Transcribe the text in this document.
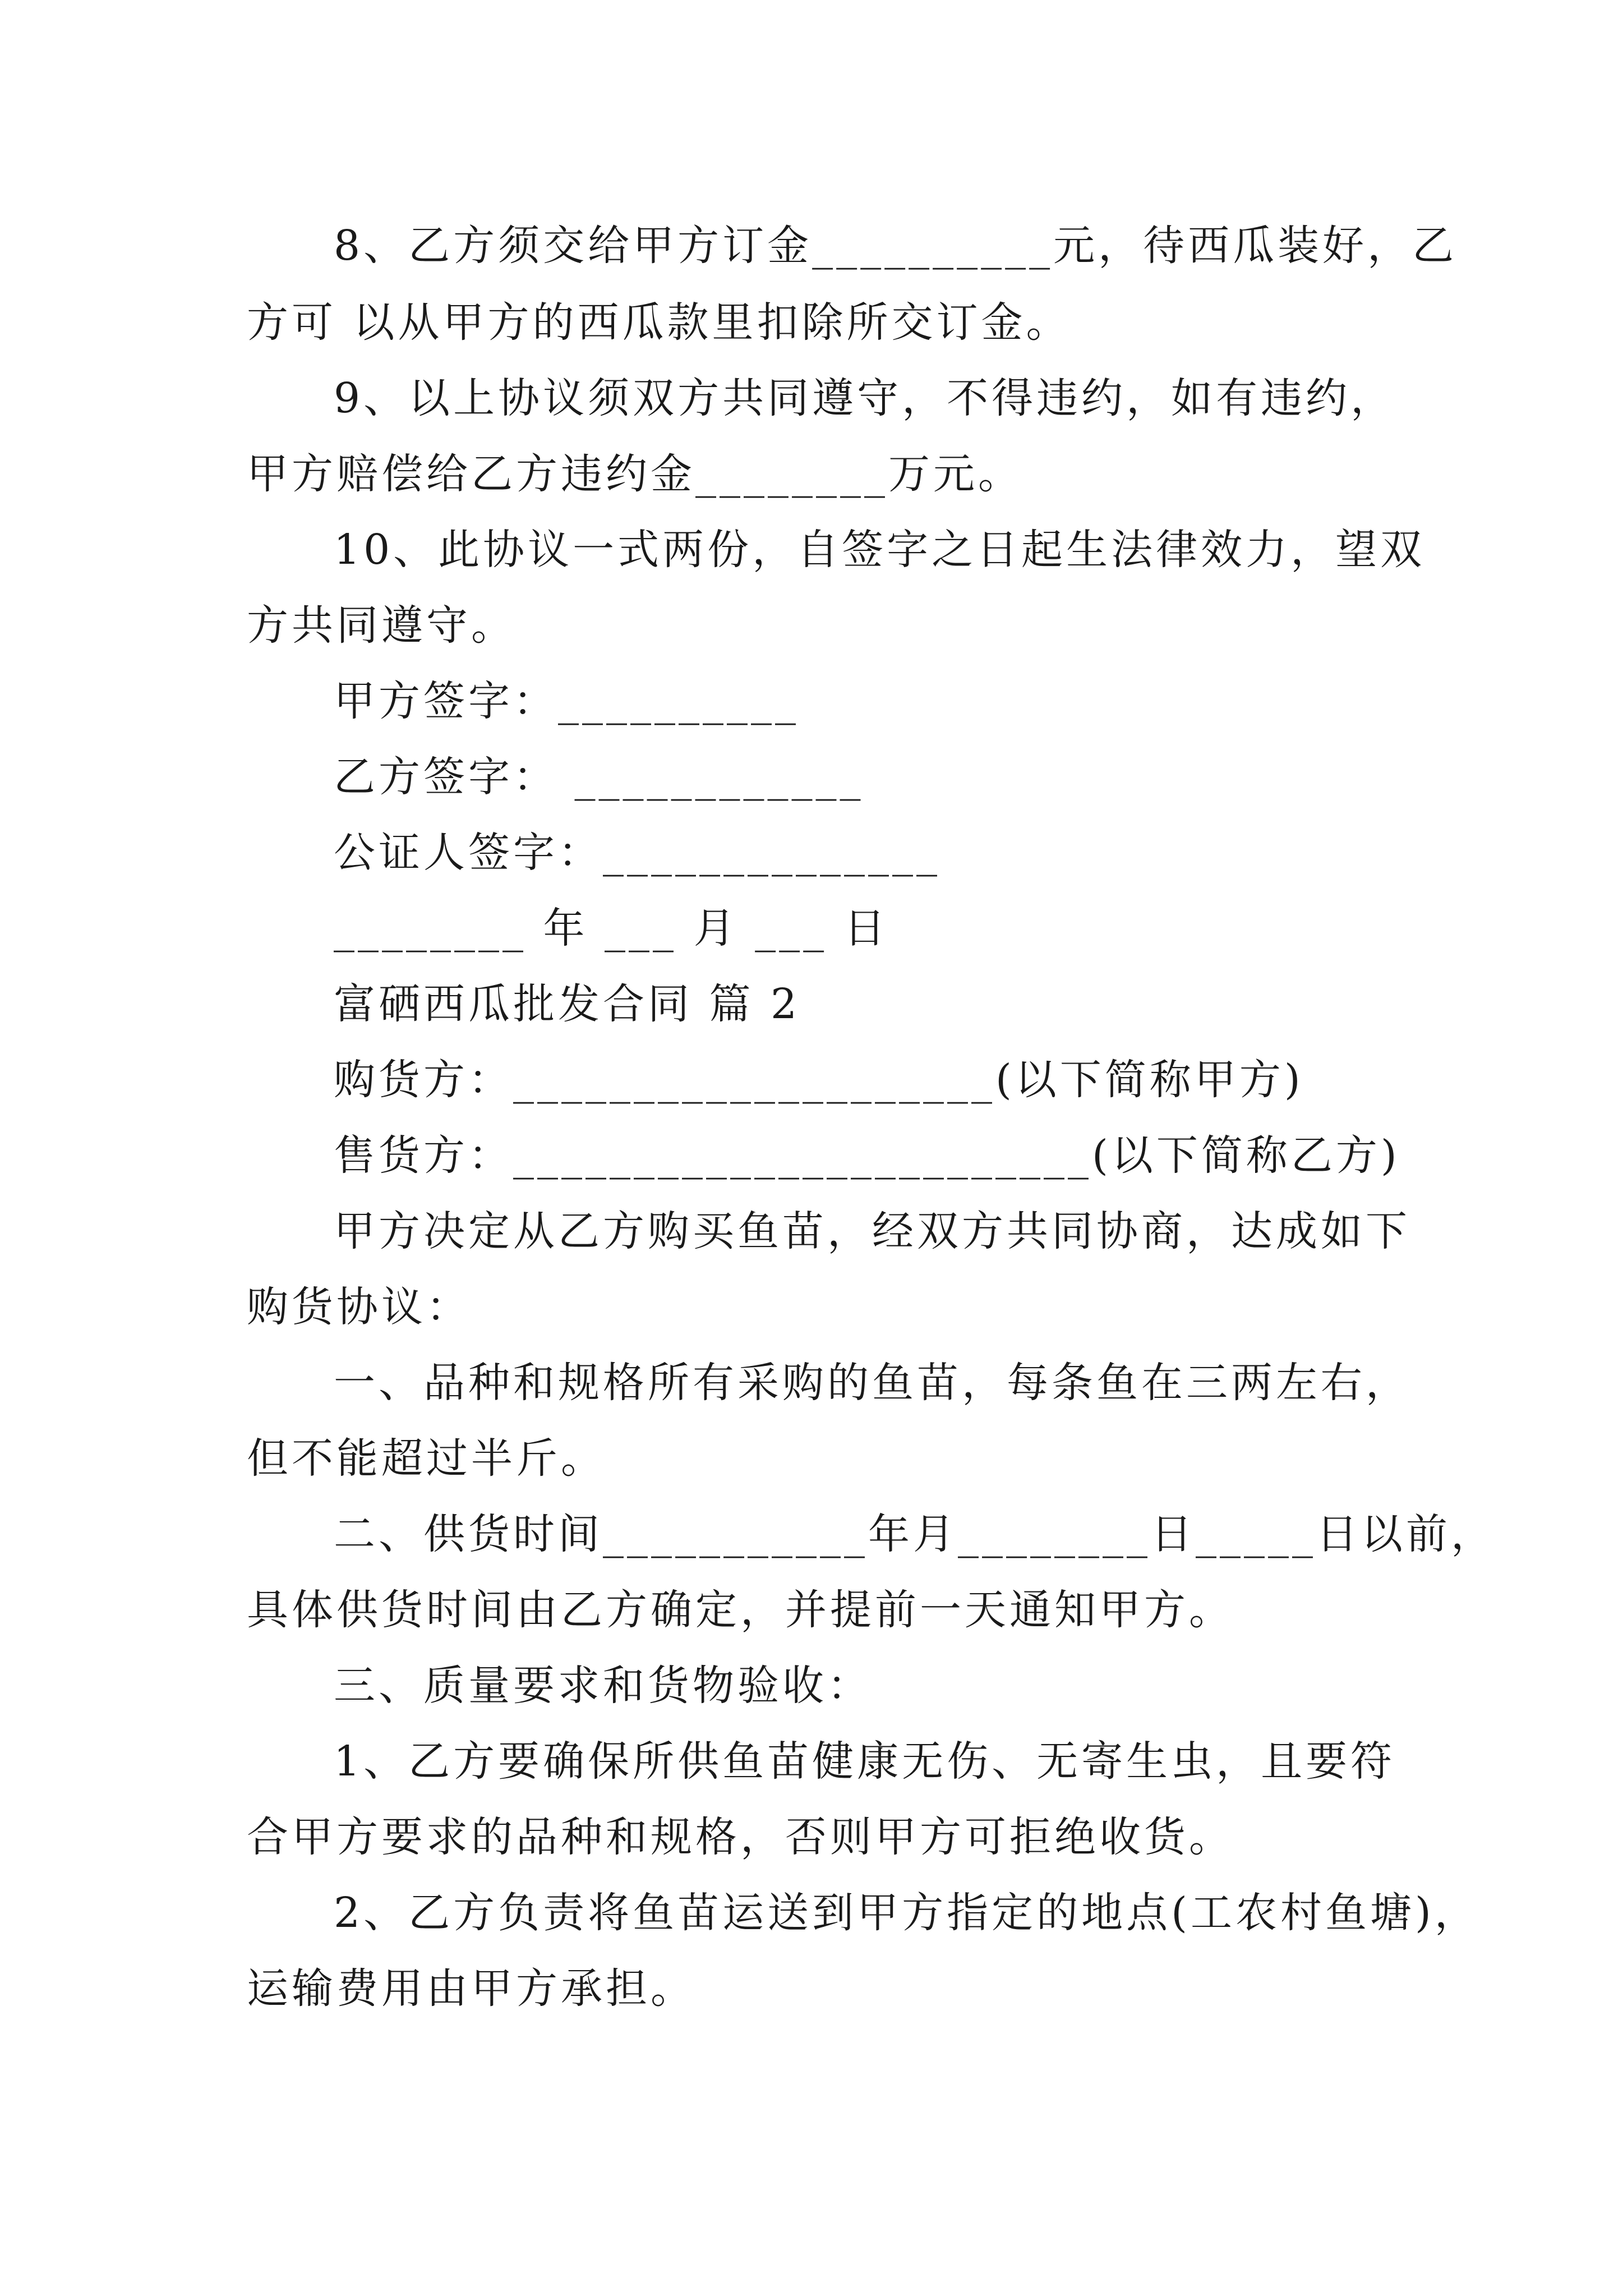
8、乙方须交给甲方订金__________元，待西瓜装好，乙
方可 以从甲方的西瓜款里扣除所交订金。
9、以上协议须双方共同遵守，不得违约，如有违约，
甲方赔偿给乙方违约金________万元。
10、此协议一式两份，自签字之日起生法律效力，望双
方共同遵守。
甲方签字：__________
乙方签字： ____________
公证人签字：______________
________ 年 ___ 月 ___ 日
富硒西瓜批发合同 篇 2
购货方：____________________(以下简称甲方)
售货方：________________________(以下简称乙方)
甲方决定从乙方购买鱼苗，经双方共同协商，达成如下
购货协议：
一、品种和规格所有采购的鱼苗，每条鱼在三两左右，
但不能超过半斤。
二、供货时间___________年月________日_____日以前，
具体供货时间由乙方确定，并提前一天通知甲方。
三、质量要求和货物验收：
1、乙方要确保所供鱼苗健康无伤、无寄生虫，且要符
合甲方要求的品种和规格，否则甲方可拒绝收货。
2、乙方负责将鱼苗运送到甲方指定的地点(工农村鱼塘)，
运输费用由甲方承担。
